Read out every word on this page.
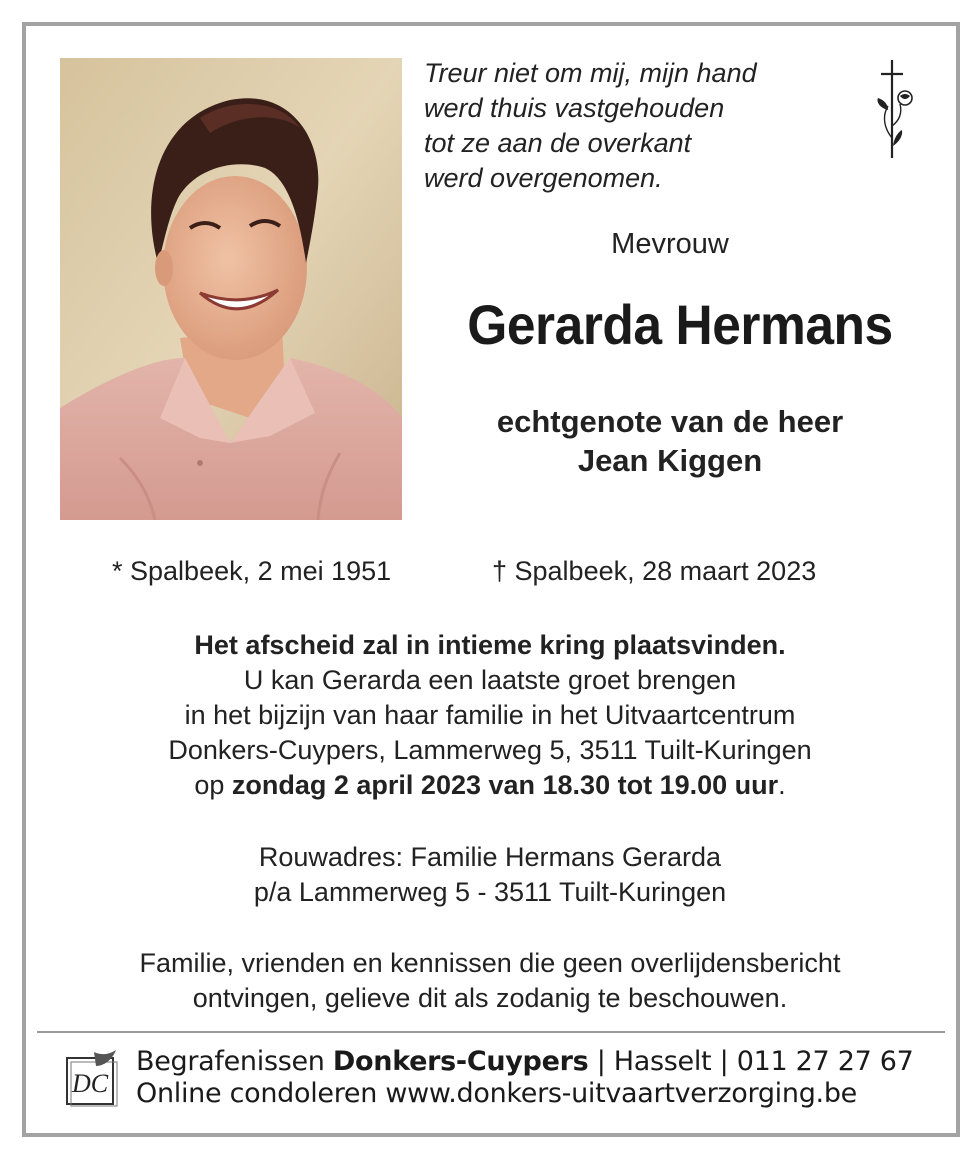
Treur niet om mij, mijn hand
werd thuis vastgehouden
tot ze aan de overkant
werd overgenomen.
Mevrouw
Gerarda Hermans
echtgenote van de heer
Jean Kiggen
* Spalbeek, 2 mei 1951	† Spalbeek, 28 maart 2023
Het afscheid zal in intieme kring plaatsvinden.
U kan Gerarda een laatste groet brengen
in het bijzijn van haar familie in het Uitvaartcentrum
Donkers-Cuypers, Lammerweg 5, 3511 Tuilt-Kuringen
op zondag 2 april 2023 van 18.30 tot 19.00 uur.
Rouwadres: Familie Hermans Gerarda
p/a Lammerweg 5 - 3511 Tuilt-Kuringen
Familie, vrienden en kennissen die geen overlijdensbericht
ontvingen, gelieve dit als zodanig te beschouwen.
DC
Begrafenissen Donkers-Cuypers | Hasselt | 011 27 27 67
Online condoleren www.donkers-uitvaartverzorging.be
